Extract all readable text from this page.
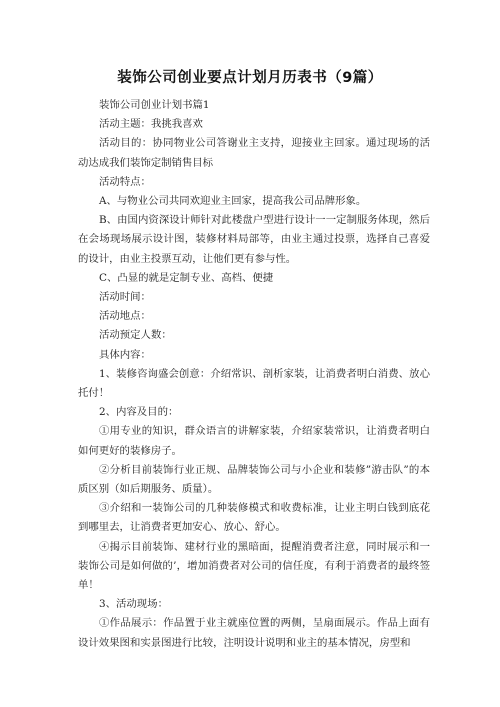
装饰公司创业要点计划月历表书（9篇）

装饰公司创业计划书篇1

活动主题：我挑我喜欢

活动目的：协同物业公司答谢业主支持，迎接业主回家。通过现场的活动达成我们装饰定制销售目标

活动特点：

A、与物业公司共同欢迎业主回家，提高我公司品牌形象。

B、由国内资深设计师针对此楼盘户型进行设计一一定制服务体现，然后在会场现场展示设计图，装修材料局部等，由业主通过投票，选择自己喜爱的设计，由业主投票互动，让他们更有参与性。

C、凸显的就是定制专业、高档、便捷

活动时间：

活动地点：

活动预定人数：

具体内容：

1、装修咨询盛会创意：介绍常识、剖析家装，让消费者明白消费、放心托付！

2、内容及目的：

①用专业的知识，群众语言的讲解家装，介绍家装常识，让消费者明白如何更好的装修房子。

②分析目前装饰行业正规、品牌装饰公司与小企业和装修”游击队”的本质区别（如后期服务、质量）。

③介绍和一装饰公司的几种装修模式和收费标准，让业主明白钱到底花到哪里去，让消费者更加安心、放心、舒心。

④揭示目前装饰、建材行业的黑暗面，提醒消费者注意，同时展示和一装饰公司是如何做的’，增加消费者对公司的信任度，有利于消费者的最终签单！

3、活动现场：

①作品展示：作品置于业主就座位置的两侧，呈扇面展示。作品上面有设计效果图和实景图进行比较，注明设计说明和业主的基本情况，房型和
